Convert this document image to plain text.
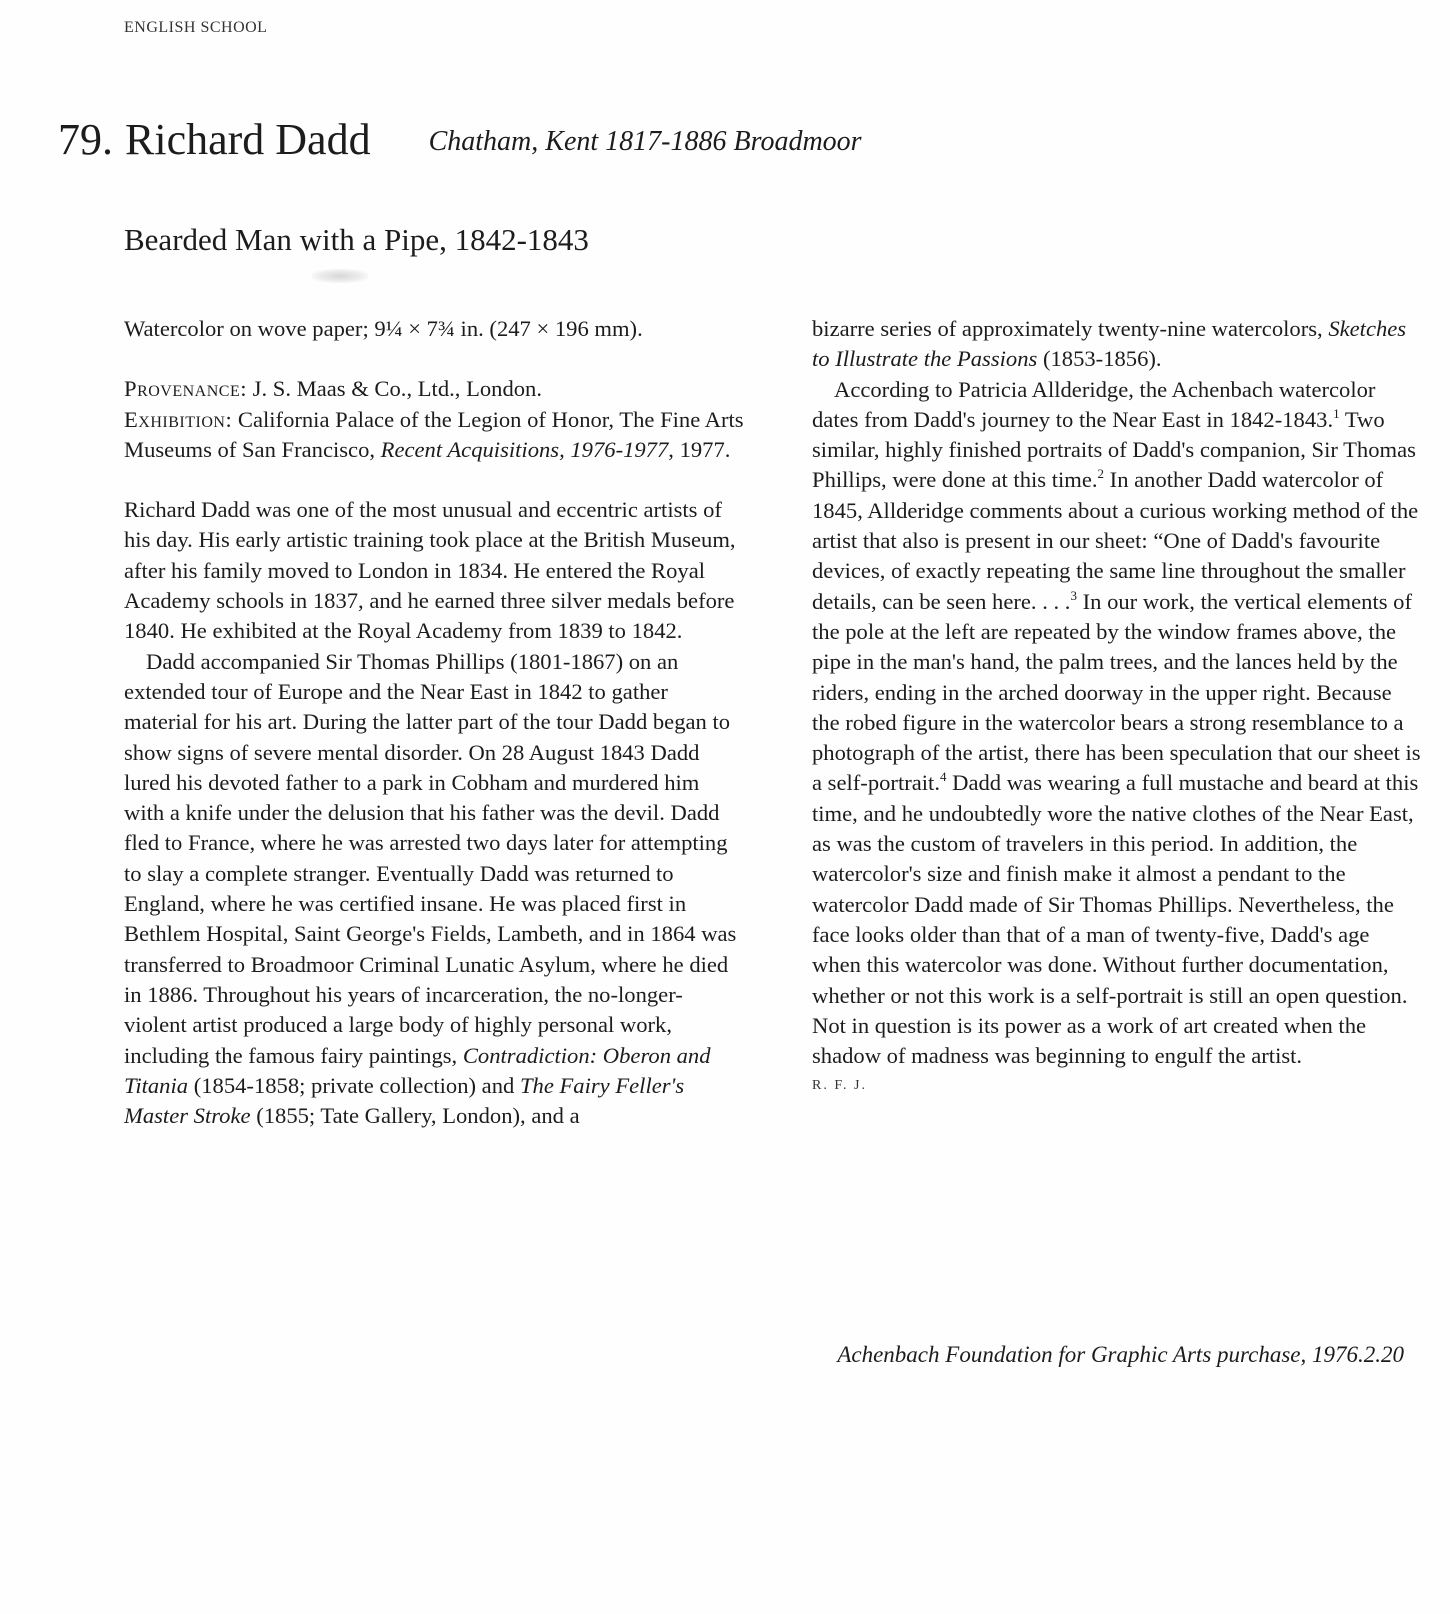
ENGLISH SCHOOL
79. Richard Dadd Chatham, Kent 1817-1886 Broadmoor
Bearded Man with a Pipe, 1842-1843

Watercolor on wove paper; 9¼ × 7¾ in. (247 × 196 mm).

Provenance: J. S. Maas & Co., Ltd., London.

Exhibition: California Palace of the Legion of Honor, The Fine Arts Museums of San Francisco, Recent Acquisitions, 1976-1977, 1977.

Richard Dadd was one of the most unusual and eccentric artists of his day. His early artistic training took place at the British Museum, after his family moved to London in 1834. He entered the Royal Academy schools in 1837, and he earned three silver medals before 1840. He exhibited at the Royal Academy from 1839 to 1842.

Dadd accompanied Sir Thomas Phillips (1801-1867) on an extended tour of Europe and the Near East in 1842 to gather material for his art. During the latter part of the tour Dadd began to show signs of severe mental disorder. On 28 August 1843 Dadd lured his devoted father to a park in Cobham and murdered him with a knife under the delusion that his father was the devil. Dadd fled to France, where he was arrested two days later for attempting to slay a complete stranger. Eventually Dadd was returned to England, where he was certified insane. He was placed first in Bethlem Hospital, Saint George's Fields, Lambeth, and in 1864 was transferred to Broadmoor Criminal Lunatic Asylum, where he died in 1886. Throughout his years of incarceration, the no-longer-violent artist produced a large body of highly personal work, including the famous fairy paintings, Contradiction: Oberon and Titania (1854-1858; private collection) and The Fairy Feller's Master Stroke (1855; Tate Gallery, London), and a

bizarre series of approximately twenty-nine watercolors, Sketches to Illustrate the Passions (1853-1856).

According to Patricia Allderidge, the Achenbach watercolor dates from Dadd's journey to the Near East in 1842-1843.$^1$ Two similar, highly finished portraits of Dadd's companion, Sir Thomas Phillips, were done at this time.$^2$ In another Dadd watercolor of 1845, Allderidge comments about a curious working method of the artist that also is present in our sheet: “One of Dadd's favourite devices, of exactly repeating the same line throughout the smaller details, can be seen here. . . .$^3$ In our work, the vertical elements of the pole at the left are repeated by the window frames above, the pipe in the man's hand, the palm trees, and the lances held by the riders, ending in the arched doorway in the upper right. Because the robed figure in the watercolor bears a strong resemblance to a photograph of the artist, there has been speculation that our sheet is a self-portrait.$^4$ Dadd was wearing a full mustache and beard at this time, and he undoubtedly wore the native clothes of the Near East, as was the custom of travelers in this period. In addition, the watercolor's size and finish make it almost a pendant to the watercolor Dadd made of Sir Thomas Phillips. Nevertheless, the face looks older than that of a man of twenty-five, Dadd's age when this watercolor was done. Without further documentation, whether or not this work is a self-portrait is still an open question. Not in question is its power as a work of art created when the shadow of madness was beginning to engulf the artist.

R. F. J.

Achenbach Foundation for Graphic Arts purchase, 1976.2.20
